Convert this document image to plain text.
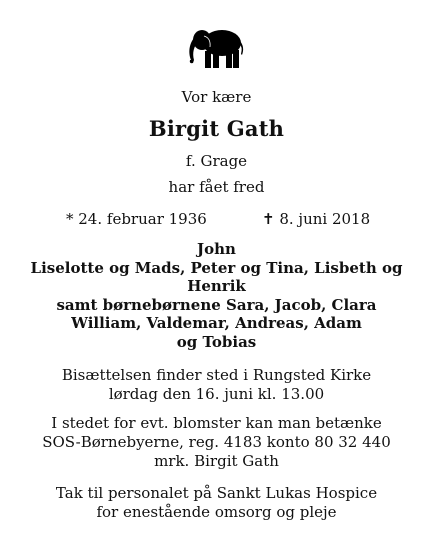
Vor kære
Birgit Gath
f. Grage
har fået fred
* 24. februar 1936	✝ 8. juni 2018
John
Liselotte og Mads, Peter og Tina, Lisbeth og
Henrik
samt børnebørnene Sara, Jacob, Clara
William, Valdemar, Andreas, Adam
og Tobias
Bisættelsen finder sted i Rungsted Kirke
lørdag den 16. juni kl. 13.00
I stedet for evt. blomster kan man betænke
SOS-Børnebyerne, reg. 4183 konto 80 32 440
mrk. Birgit Gath
Tak til personalet på Sankt Lukas Hospice
for enestående omsorg og pleje
